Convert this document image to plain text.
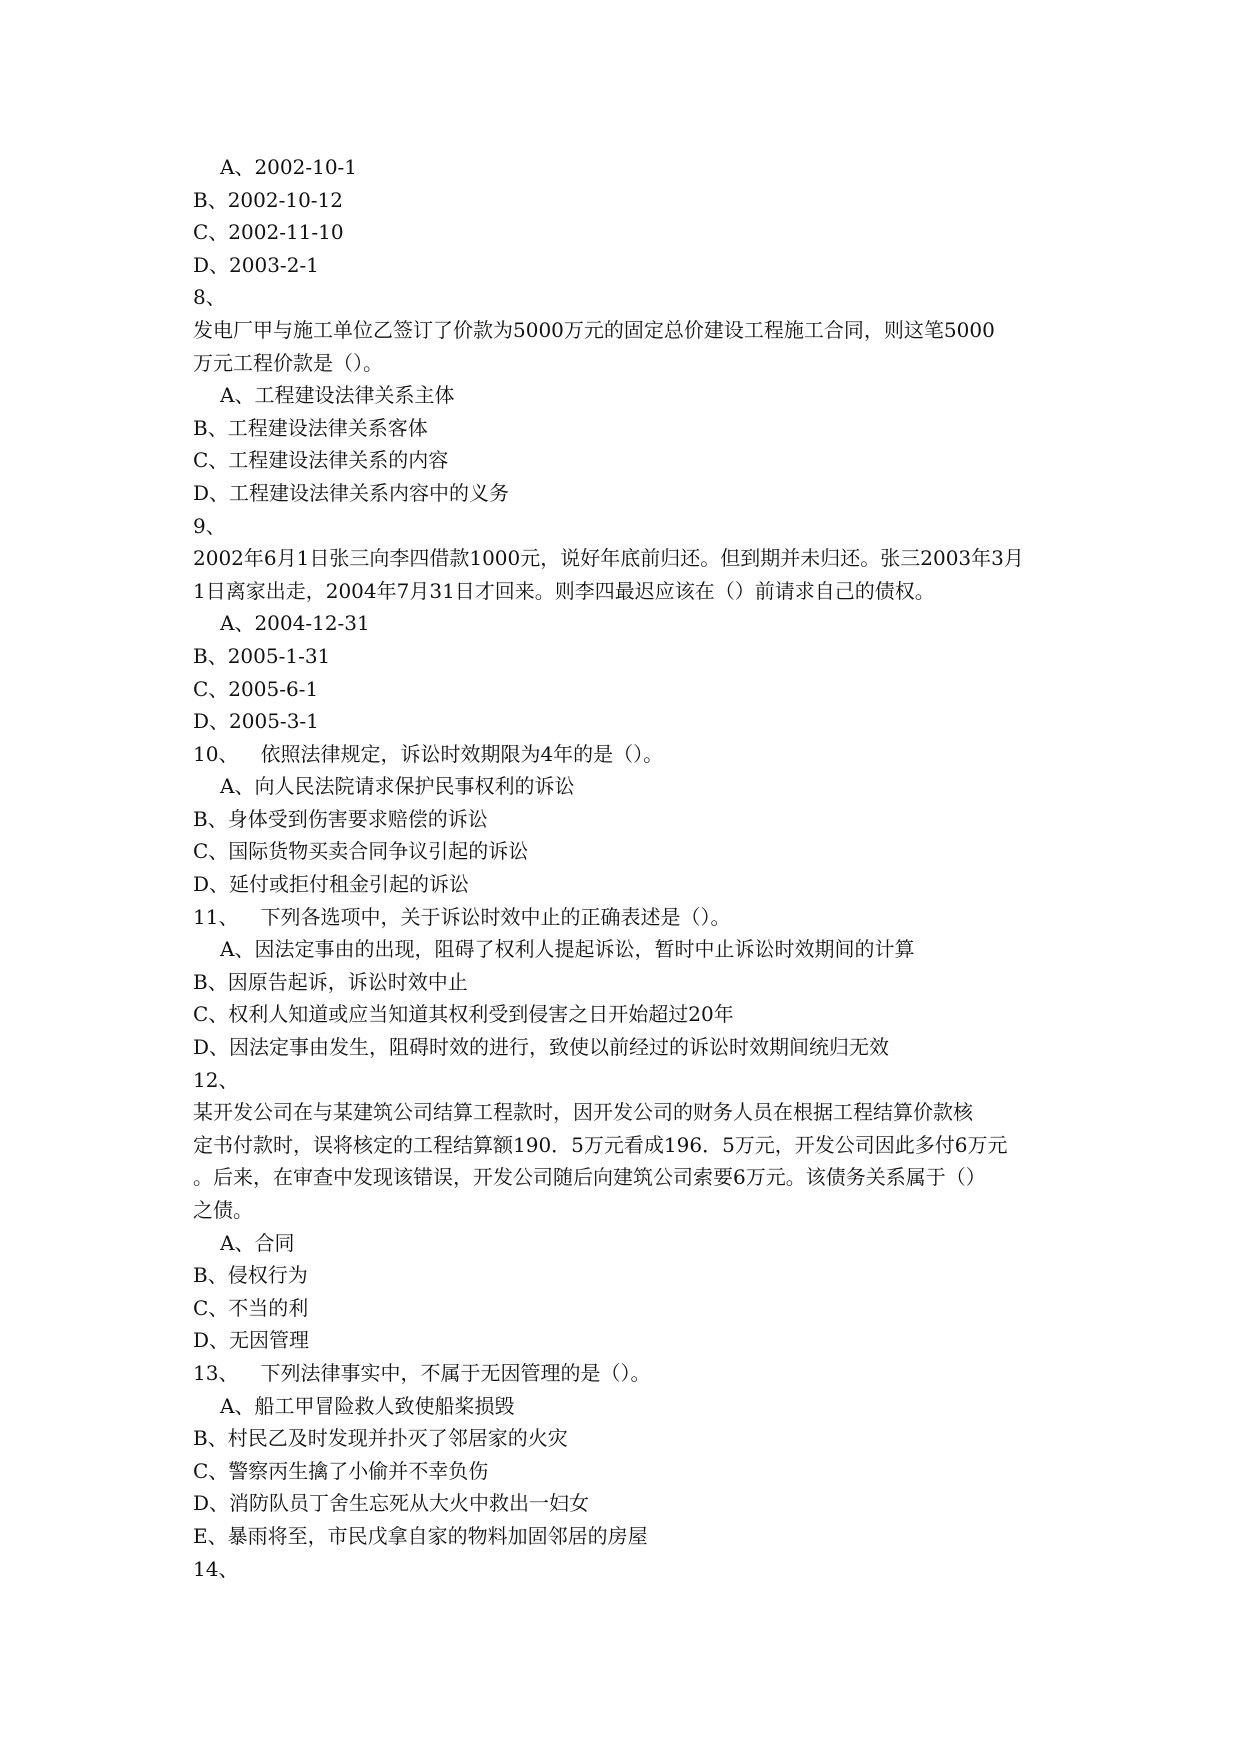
A、2002-10-1
B、2002-10-12
C、2002-11-10
D、2003-2-1
8、
发电厂甲与施工单位乙签订了价款为5000万元的固定总价建设工程施工合同，则这笔5000
万元工程价款是（）。
A、工程建设法律关系主体
B、工程建设法律关系客体
C、工程建设法律关系的内容
D、工程建设法律关系内容中的义务
9、
2002年6月1日张三向李四借款1000元，说好年底前归还。但到期并未归还。张三2003年3月
1日离家出走，2004年7月31日才回来。则李四最迟应该在（）前请求自己的债权。
A、2004-12-31
B、2005-1-31
C、2005-6-1
D、2005-3-1
10、 依照法律规定，诉讼时效期限为4年的是（）。
A、向人民法院请求保护民事权利的诉讼
B、身体受到伤害要求赔偿的诉讼
C、国际货物买卖合同争议引起的诉讼
D、延付或拒付租金引起的诉讼
11、 下列各选项中，关于诉讼时效中止的正确表述是（）。
A、因法定事由的出现，阻碍了权利人提起诉讼，暂时中止诉讼时效期间的计算
B、因原告起诉，诉讼时效中止
C、权利人知道或应当知道其权利受到侵害之日开始超过20年
D、因法定事由发生，阻碍时效的进行，致使以前经过的诉讼时效期间统归无效
12、
某开发公司在与某建筑公司结算工程款时，因开发公司的财务人员在根据工程结算价款核
定书付款时，误将核定的工程结算额190．5万元看成196．5万元，开发公司因此多付6万元
。后来，在审查中发现该错误，开发公司随后向建筑公司索要6万元。该债务关系属于（）
之债。
A、合同
B、侵权行为
C、不当的利
D、无因管理
13、 下列法律事实中，不属于无因管理的是（）。
A、船工甲冒险救人致使船桨损毁
B、村民乙及时发现并扑灭了邻居家的火灾
C、警察丙生擒了小偷并不幸负伤
D、消防队员丁舍生忘死从大火中救出一妇女
E、暴雨将至，市民戊拿自家的物料加固邻居的房屋
14、
